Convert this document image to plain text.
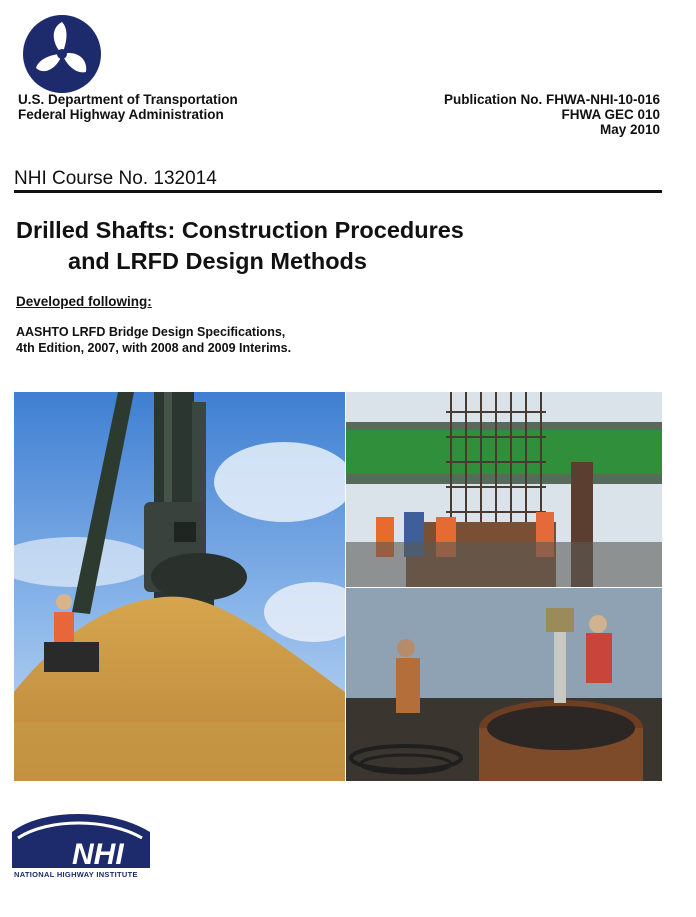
U.S. Department of Transportation
Federal Highway Administration
Publication No. FHWA-NHI-10-016
FHWA GEC 010
May 2010
NHI Course No. 132014
Drilled Shafts: Construction Procedures
and LRFD Design Methods
Developed following:
AASHTO LRFD Bridge Design Specifications,
4th Edition, 2007, with 2008 and 2009 Interims.
NHI
NATIONAL HIGHWAY INSTITUTE
